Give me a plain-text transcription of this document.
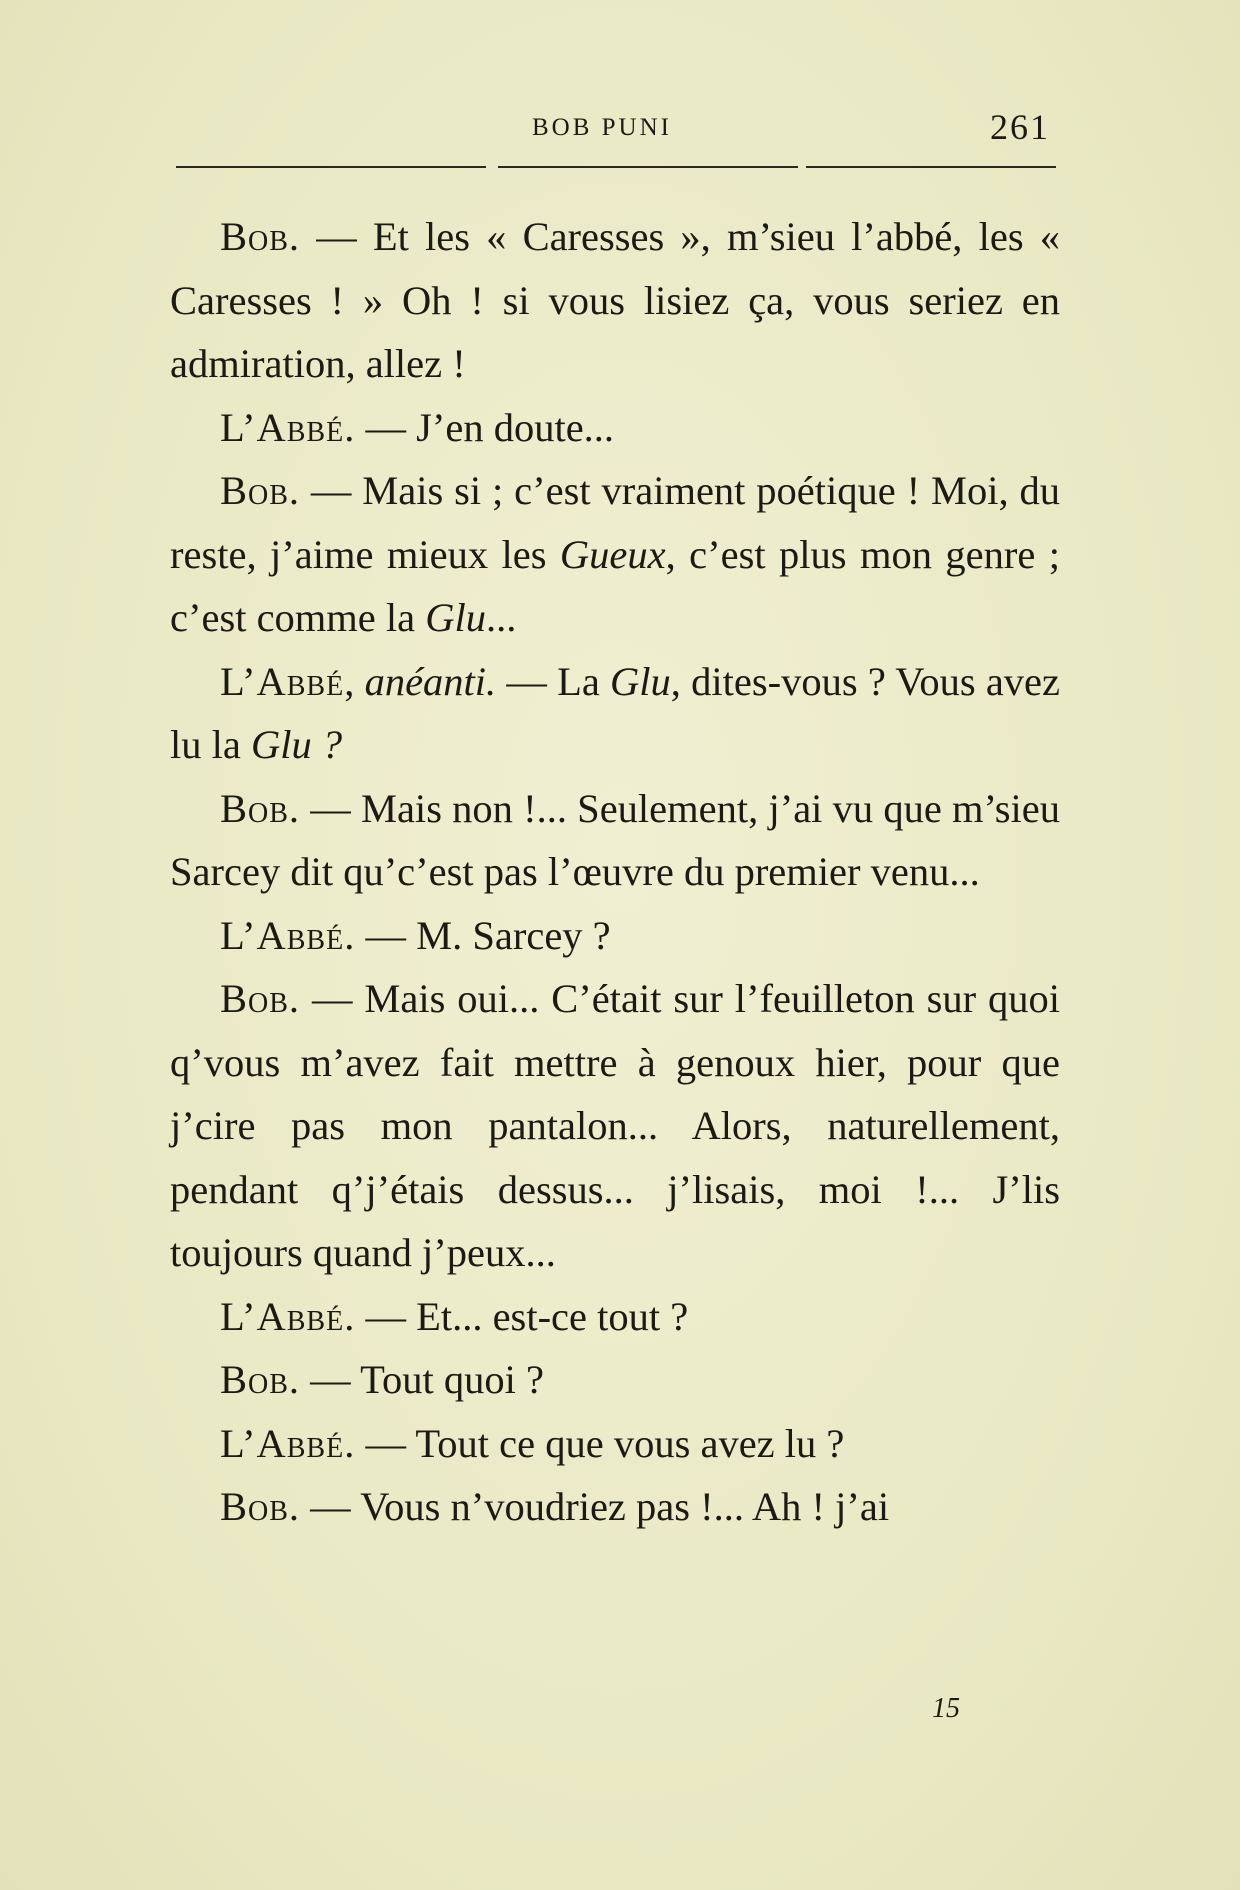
BOB PUNI	261

Bob. — Et les « Caresses », m’sieu l’abbé, les « Caresses ! » Oh ! si vous lisiez ça, vous seriez en admiration, allez !

L’Abbé. — J’en doute...

Bob. — Mais si ; c’est vraiment poétique ! Moi, du reste, j’aime mieux les Gueux, c’est plus mon genre ; c’est comme la Glu...

L’Abbé, anéanti. — La Glu, dites-vous ? Vous avez lu la Glu ?

Bob. — Mais non !... Seulement, j’ai vu que m’sieu Sarcey dit qu’c’est pas l’œuvre du premier venu...

L’Abbé. — M. Sarcey ?

Bob. — Mais oui... C’était sur l’feuilleton sur quoi q’vous m’avez fait mettre à genoux hier, pour que j’cire pas mon pantalon... Alors, naturellement, pendant q’j’étais dessus... j’lisais, moi !... J’lis toujours quand j’peux...

L’Abbé. — Et... est-ce tout ?

Bob. — Tout quoi ?

L’Abbé. — Tout ce que vous avez lu ?

Bob. — Vous n’voudriez pas !... Ah ! j’ai

15
